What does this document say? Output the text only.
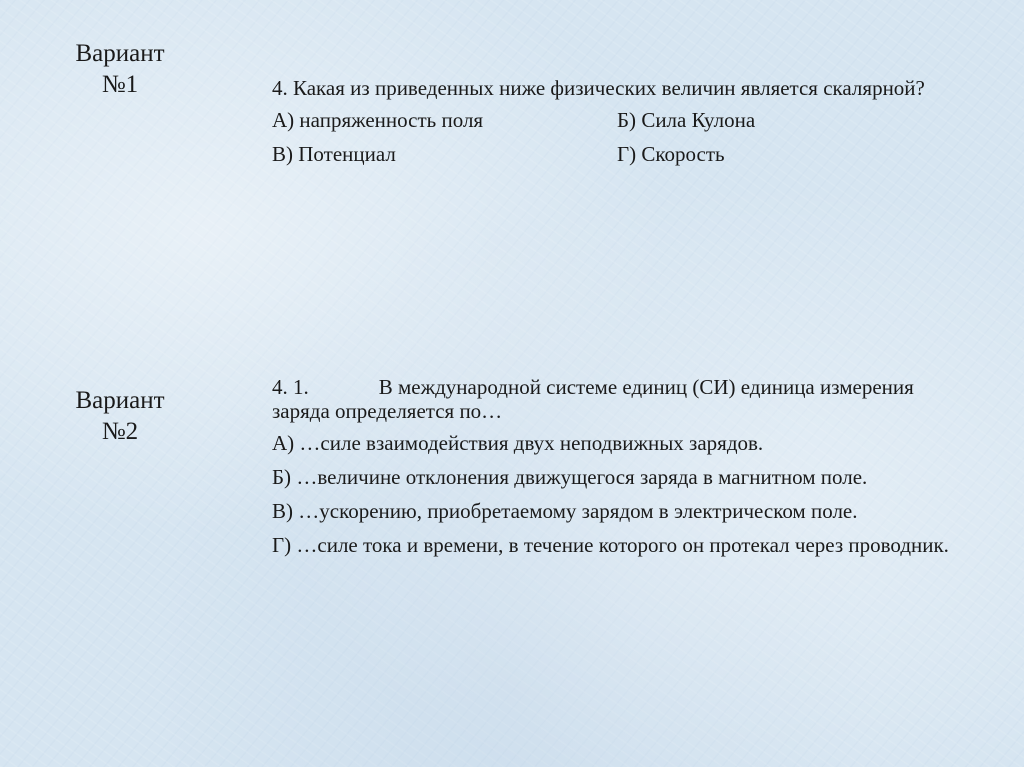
Вариант
№1	4. Какая из приведенных ниже физических величин является скалярной?

А) напряженность поля	Б) Сила Кулона
В) Потенциал	Г) Скорость
Вариант
№2

4. 1.	В международной системе единиц (СИ) единица измерения заряда определяется по…

А) …силе взаимодействия двух неподвижных зарядов.

Б) …величине отклонения движущегося заряда в магнитном поле.

В) …ускорению, приобретаемому зарядом в электрическом поле.

Г) …силе тока и времени, в течение которого он протекал через проводник.
